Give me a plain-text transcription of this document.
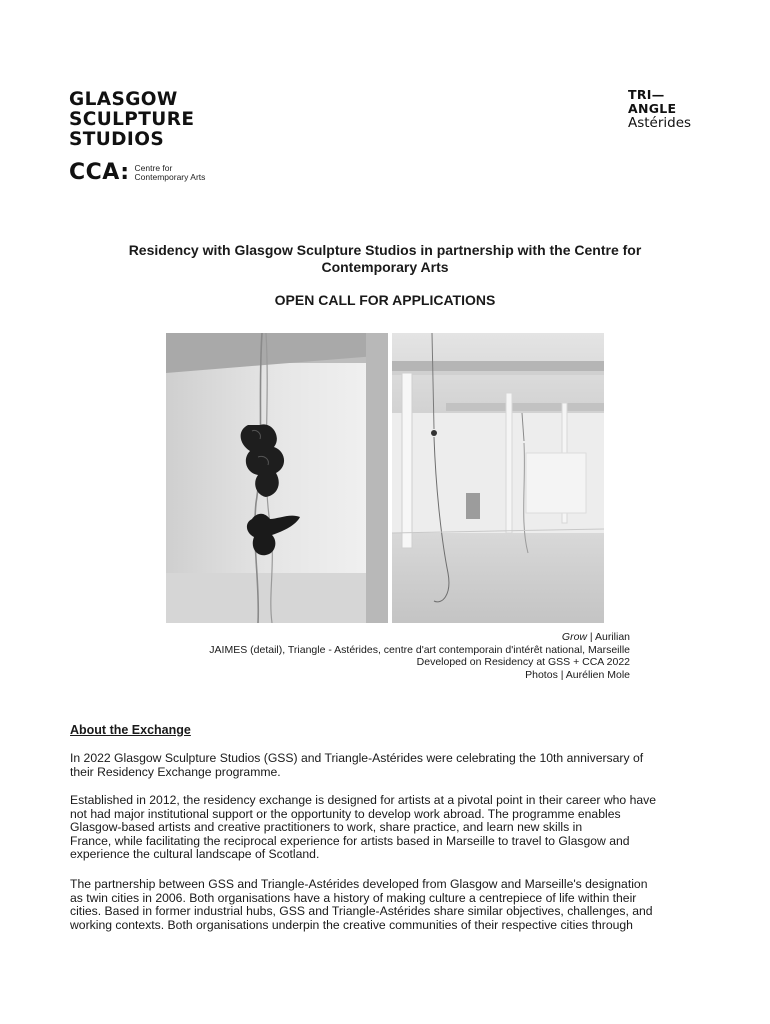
GLASGOW
SCULPTURE
STUDIOS
CCA: Centre for
Contemporary Arts
TRI—
ANGLE
Astérides

Residency with Glasgow Sculpture Studios in partnership with the Centre for Contemporary Arts

OPEN CALL FOR APPLICATIONS

Grow | Aurilian
JAIMES (detail), Triangle - Astérides, centre d'art contemporain d'intérêt national, Marseille
Developed on Residency at GSS + CCA 2022
Photos | Aurélien Mole

About the Exchange

In 2022 Glasgow Sculpture Studios (GSS) and Triangle-Astérides were celebrating the 10th anniversary of
their Residency Exchange programme.
Established in 2012, the residency exchange is designed for artists at a pivotal point in their career who have
not had major institutional support or the opportunity to develop work abroad. The programme enables
Glasgow-based artists and creative practitioners to work, share practice, and learn new skills in
France, while facilitating the reciprocal experience for artists based in Marseille to travel to Glasgow and
experience the cultural landscape of Scotland.
The partnership between GSS and Triangle-Astérides developed from Glasgow and Marseille's designation
as twin cities in 2006. Both organisations have a history of making culture a centrepiece of life within their
cities. Based in former industrial hubs, GSS and Triangle-Astérides share similar objectives, challenges, and
working contexts. Both organisations underpin the creative communities of their respective cities through
